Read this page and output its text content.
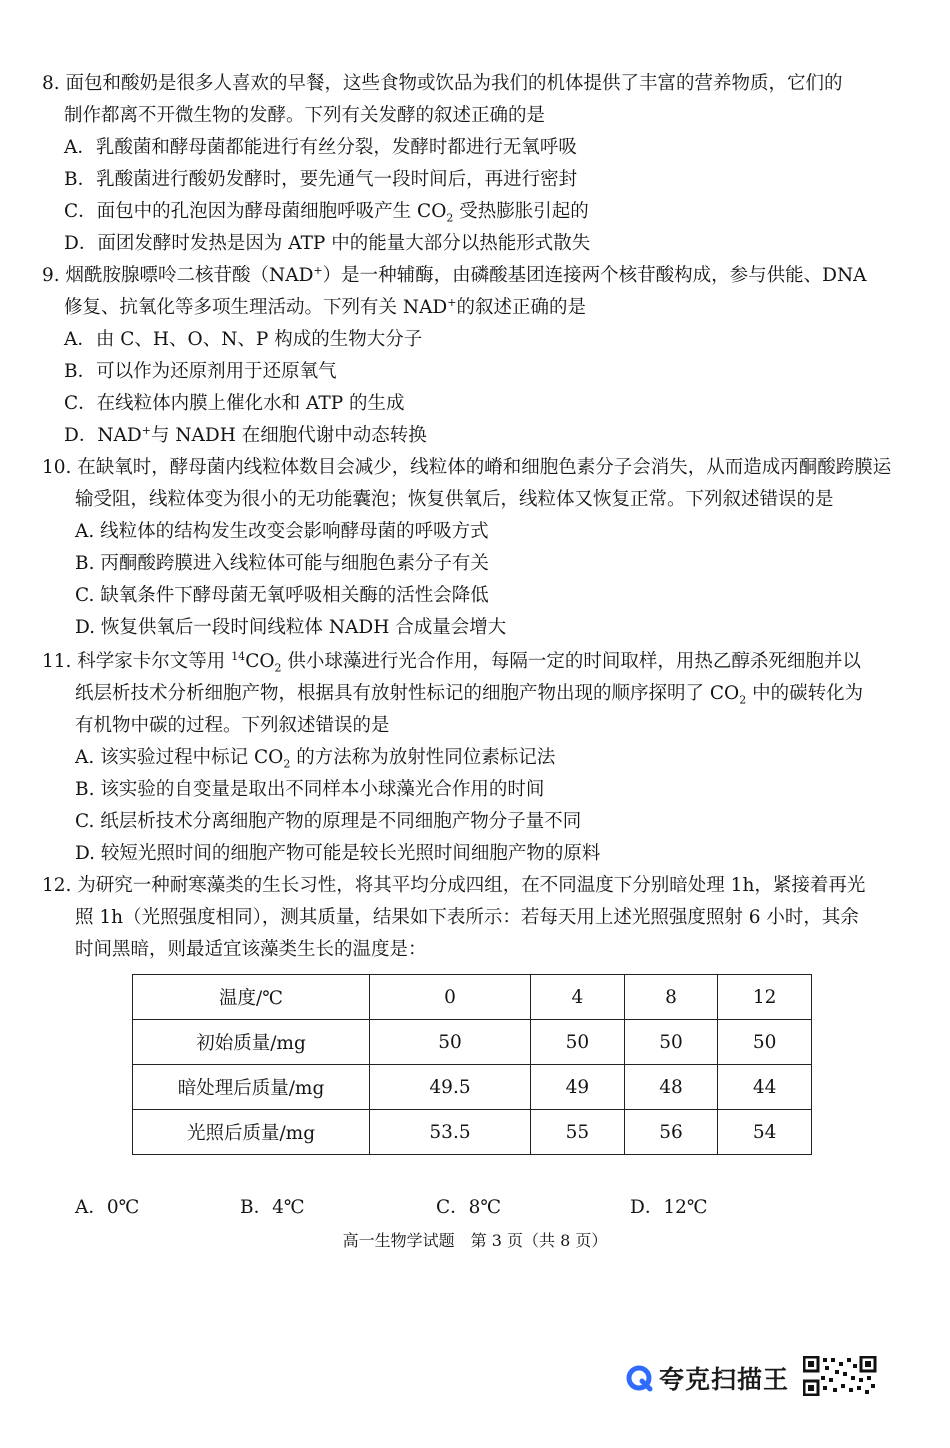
8. 面包和酸奶是很多人喜欢的早餐，这些食物或饮品为我们的机体提供了丰富的营养物质，它们的

制作都离不开微生物的发酵。下列有关发酵的叙述正确的是

A．乳酸菌和酵母菌都能进行有丝分裂，发酵时都进行无氧呼吸

B．乳酸菌进行酸奶发酵时，要先通气一段时间后，再进行密封

C．面包中的孔泡因为酵母菌细胞呼吸产生 $CO_2$ 受热膨胀引起的

D．面团发酵时发热是因为 ATP 中的能量大部分以热能形式散失

9. 烟酰胺腺嘌呤二核苷酸（NAD+）是一种辅酶，由磷酸基团连接两个核苷酸构成，参与供能、DNA

修复、抗氧化等多项生理活动。下列有关 NAD+的叙述正确的是

A．由 C、H、O、N、P 构成的生物大分子

B．可以作为还原剂用于还原氧气

C．在线粒体内膜上催化水和 ATP 的生成

D．NAD+与 NADH 在细胞代谢中动态转换

10. 在缺氧时，酵母菌内线粒体数目会减少，线粒体的嵴和细胞色素分子会消失，从而造成丙酮酸跨膜运

输受阻，线粒体变为很小的无功能囊泡；恢复供氧后，线粒体又恢复正常。下列叙述错误的是

A. 线粒体的结构发生改变会影响酵母菌的呼吸方式

B. 丙酮酸跨膜进入线粒体可能与细胞色素分子有关

C. 缺氧条件下酵母菌无氧呼吸相关酶的活性会降低

D. 恢复供氧后一段时间线粒体 NADH 合成量会增大

11. 科学家卡尔文等用 $^{14}CO_2$ 供小球藻进行光合作用，每隔一定的时间取样，用热乙醇杀死细胞并以

纸层析技术分析细胞产物，根据具有放射性标记的细胞产物出现的顺序探明了 $CO_2$ 中的碳转化为

有机物中碳的过程。下列叙述错误的是

A. 该实验过程中标记 $CO_2$ 的方法称为放射性同位素标记法

B. 该实验的自变量是取出不同样本小球藻光合作用的时间

C. 纸层析技术分离细胞产物的原理是不同细胞产物分子量不同

D. 较短光照时间的细胞产物可能是较长光照时间细胞产物的原料

12. 为研究一种耐寒藻类的生长习性，将其平均分成四组，在不同温度下分别暗处理 1h，紧接着再光

照 1h（光照强度相同），测其质量，结果如下表所示：若每天用上述光照强度照射 6 小时，其余

时间黑暗，则最适宜该藻类生长的温度是：

温度/℃	0	4	8	12
初始质量/mg	50	50	50	50
暗处理后质量/mg	49.5	49	48	44
光照后质量/mg	53.5	55	56	54
A．0℃	B．4℃	C．8℃	D．12℃
高一生物学试题　第 3 页（共 8 页）
夸克扫描王
